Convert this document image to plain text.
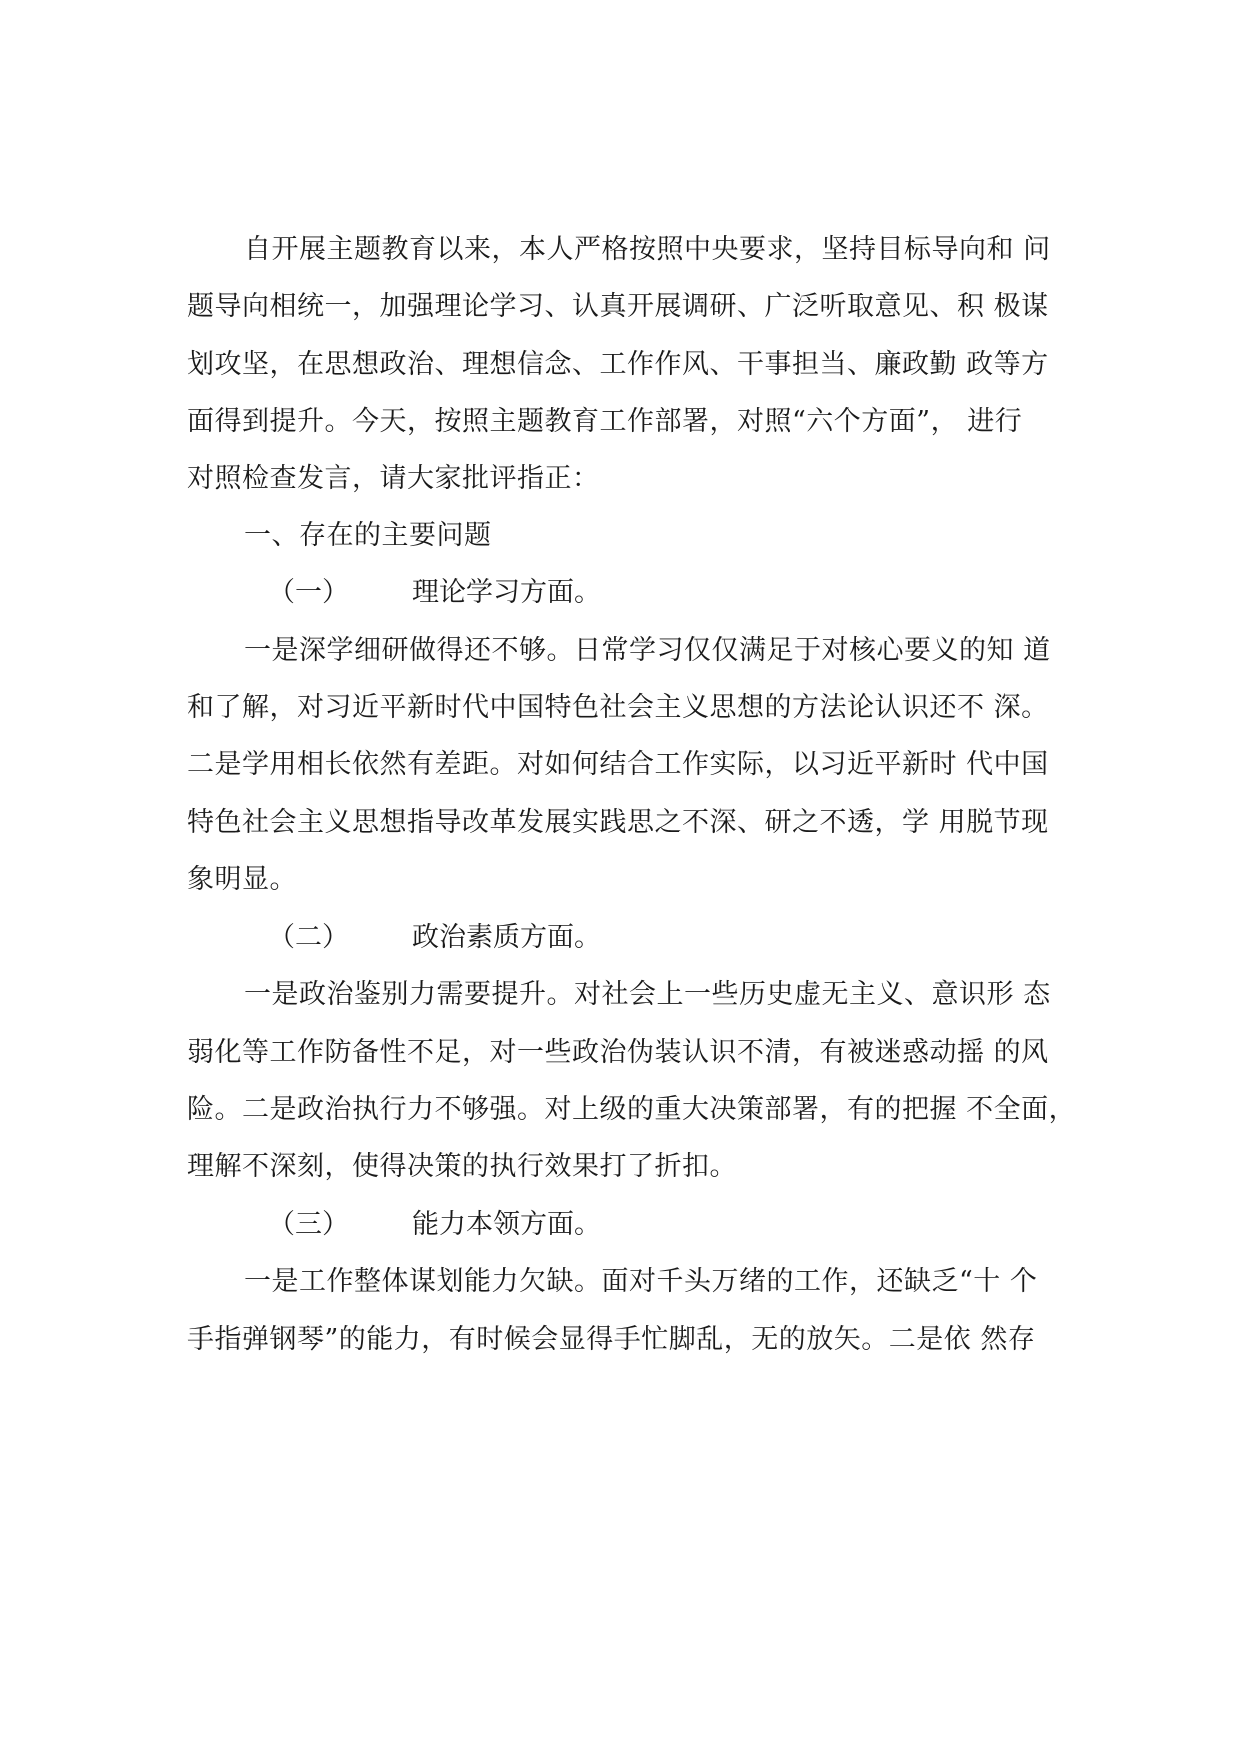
自开展主题教育以来，本人严格按照中央要求，坚持目标导向和 问
题导向相统一，加强理论学习、认真开展调研、广泛听取意见、积 极谋
划攻坚，在思想政治、理想信念、工作作风、干事担当、廉政勤 政等方
面得到提升。今天，按照主题教育工作部署，对照“六个方面”， 进行
对照检查发言，请大家批评指正：
一、存在的主要问题
（一） 理论学习方面。
一是深学细研做得还不够。日常学习仅仅满足于对核心要义的知 道
和了解，对习近平新时代中国特色社会主义思想的方法论认识还不 深。
二是学用相长依然有差距。对如何结合工作实际，以习近平新时 代中国
特色社会主义思想指导改革发展实践思之不深、研之不透，学 用脱节现
象明显。
（二） 政治素质方面。
一是政治鉴别力需要提升。对社会上一些历史虚无主义、意识形 态
弱化等工作防备性不足，对一些政治伪装认识不清，有被迷惑动摇 的风
险。二是政治执行力不够强。对上级的重大决策部署，有的把握 不全面，
理解不深刻，使得决策的执行效果打了折扣。
（三） 能力本领方面。
一是工作整体谋划能力欠缺。面对千头万绪的工作，还缺乏“十 个
手指弹钢琴”的能力，有时候会显得手忙脚乱，无的放矢。二是依 然存
